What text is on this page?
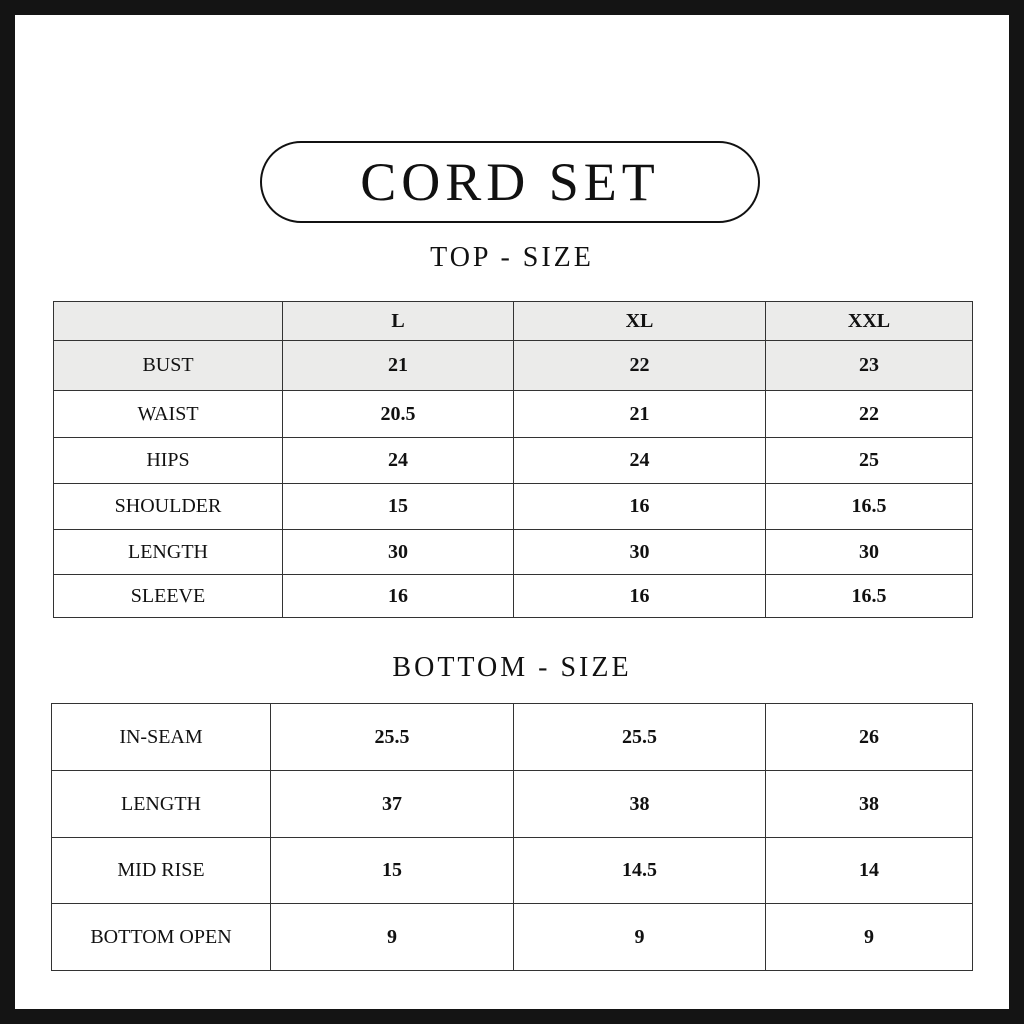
CORD SET
TOP - SIZE
	L	XL	XXL
BUST	21	22	23
WAIST	20.5	21	22
HIPS	24	24	25
SHOULDER	15	16	16.5
LENGTH	30	30	30
SLEEVE	16	16	16.5
BOTTOM - SIZE
IN-SEAM	25.5	25.5	26
LENGTH	37	38	38
MID RISE	15	14.5	14
BOTTOM OPEN	9	9	9
